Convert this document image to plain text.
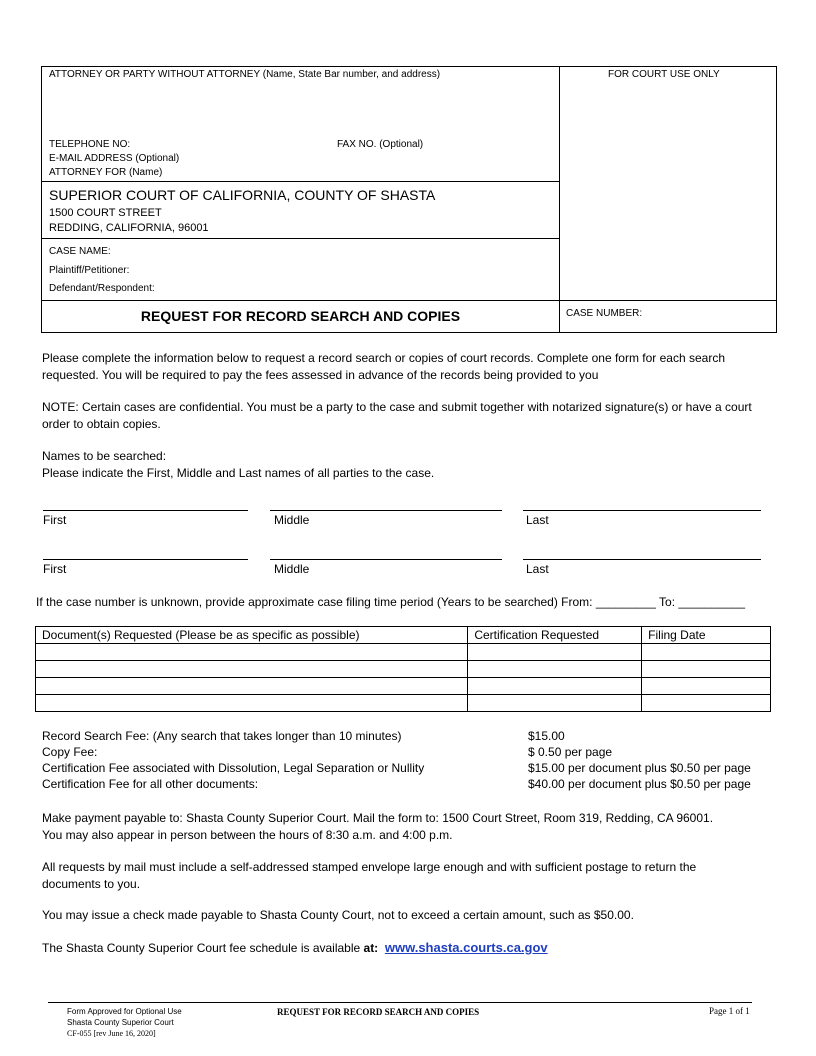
ATTORNEY OR PARTY WITHOUT ATTORNEY (Name, State Bar number, and address)	FOR COURT USE ONLY
TELEPHONE NO:	FAX NO. (Optional)
E-MAIL ADDRESS (Optional)
ATTORNEY FOR (Name)
SUPERIOR COURT OF CALIFORNIA, COUNTY OF SHASTA
1500 COURT STREET
REDDING, CALIFORNIA, 96001
CASE NAME:
Plaintiff/Petitioner:
Defendant/Respondent:
REQUEST FOR RECORD SEARCH AND COPIES	CASE NUMBER:
Please complete the information below to request a record search or copies of court records. Complete one form for each search
requested. You will be required to pay the fees assessed in advance of the records being provided to you
NOTE: Certain cases are confidential. You must be a party to the case and submit together with notarized signature(s) or have a court
order to obtain copies.
Names to be searched:
Please indicate the First, Middle and Last names of all parties to the case.
First	Middle	Last
First	Middle	Last
If the case number is unknown, provide approximate case filing time period (Years to be searched) From: _________ To: __________
Document(s) Requested (Please be as specific as possible)	Certification Requested	Filing Date

Record Search Fee: (Any search that takes longer than 10 minutes)	$15.00
Copy Fee:	$ 0.50 per page
Certification Fee associated with Dissolution, Legal Separation or Nullity	$15.00 per document plus $0.50 per page
Certification Fee for all other documents:	$40.00 per document plus $0.50 per page
Make payment payable to: Shasta County Superior Court. Mail the form to: 1500 Court Street, Room 319, Redding, CA 96001.
You may also appear in person between the hours of 8:30 a.m. and 4:00 p.m.
All requests by mail must include a self-addressed stamped envelope large enough and with sufficient postage to return the
documents to you.
You may issue a check made payable to Shasta County Court, not to exceed a certain amount, such as $50.00.
The Shasta County Superior Court fee schedule is available at: www.shasta.courts.ca.gov
Form Approved for Optional Use
Shasta County Superior Court
CF-055 [rev June 16, 2020]
REQUEST FOR RECORD SEARCH AND COPIES	Page 1 of 1
